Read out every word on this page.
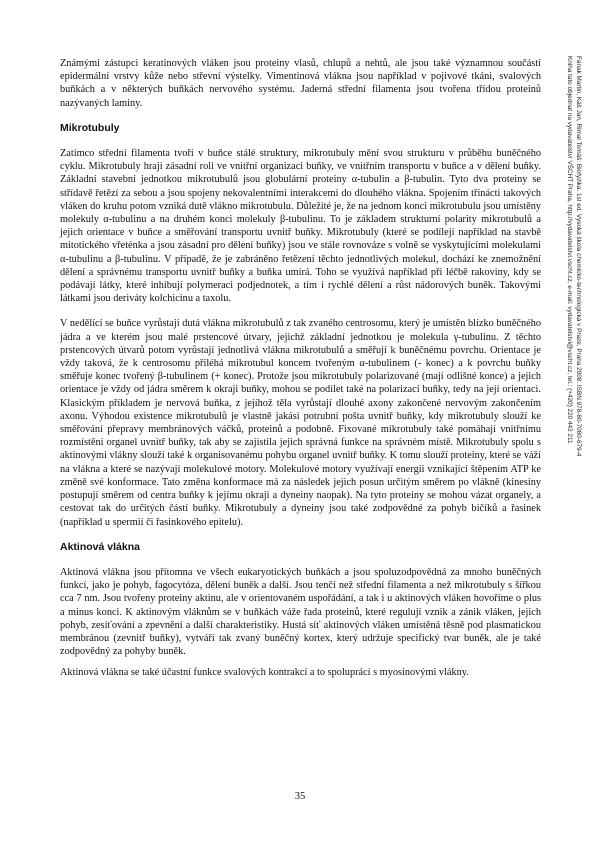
Známými zástupci keratinových vláken jsou proteiny vlasů, chlupů a nehtů, ale jsou také významnou součástí epidermální vrstvy kůže nebo střevní výstelky. Vimentinová vlákna jsou například v pojivové tkáni, svalových buňkách a v některých buňkách nervového systému. Jaderná střední filamenta jsou tvořena třídou proteinů nazývaných laminy.

Mikrotubuly

Zatímco střední filamenta tvoří v buňce stálé struktury, mikrotubuly mění svou strukturu v průběhu buněčného cyklu. Mikrotubuly hrají zásadní roli ve vnitřní organizaci buňky, ve vnitřním transportu v buňce a v dělení buňky. Základní stavební jednotkou mikrotubulů jsou globulární proteiny α-tubulin a β-tubulin. Tyto dva proteiny se střídavě řetězí za sebou a jsou spojeny nekovalentními interakcemi do dlouhého vlákna. Spojením třinácti takových vláken do kruhu potom vzniká dutě vlákno mikrotubulu. Důležité je, že na jednom konci mikrotubulu jsou umístěny molekuly α-tubulinu a na druhém konci molekuly β-tubulinu. To je základem strukturní polarity mikrotubulů a jejich orientace v buňce a směřování transportu uvnitř buňky. Mikrotubuly (které se podílejí například na stavbě mitotického vřeténka a jsou zásadní pro dělení buňky) jsou ve stále rovnováze s volně se vyskytujícími molekulami α-tubulinu a β-tubulinu. V případě, že je zabráněno řetězení těchto jednotlivých molekul, dochází ke znemožnění dělení a správnému transportu uvnitř buňky a buňka umírá. Toho se využívá například při léčbě rakoviny, kdy se podávají látky, které inhibují polymeraci podjednotek, a tím i rychlé dělení a růst nádorových buněk. Takovými látkami jsou deriváty kolchicinu a taxolu.

V nedělící se buňce vyrůstají dutá vlákna mikrotubulů z tak zvaného centrosomu, který je umístěn blízko buněčného jádra a ve kterém jsou malé prstencové útvary, jejichž základní jednotkou je molekula γ-tubulinu. Z těchto prstencových útvarů potom vyrůstají jednotlivá vlákna mikrotubulů a směřují k buněčnému povrchu. Orientace je vždy taková, že k centrosomu přiléhá mikrotubul koncem tvořeným α-tubulinem (- konec) a k povrchu buňky směřuje konec tvořený β-tubulinem (+ konec). Protože jsou mikrotubuly polarizované (mají odlišné konce) a jejich orientace je vždy od jádra směrem k okraji buňky, mohou se podílet také na polarizaci buňky, tedy na její orientaci. Klasickým příkladem je nervová buňka, z jejíhož těla vyrůstají dlouhé axony zakončené nervovým zakončením axonu. Výhodou existence mikrotubulů je vlastně jakási potrubní pošta uvnitř buňky, kdy mikrotubuly slouží ke směřování přepravy membránových váčků, proteinů a podobně. Fixované mikrotubuly také pomáhají vnitřnímu rozmístění organel uvnitř buňky, tak aby se zajistila jejich správná funkce na správném místě. Mikrotubuly spolu s aktinovými vlákny slouží také k organisovanému pohybu organel uvnitř buňky. K tomu slouží proteiny, které se váží na vlákna a které se nazývají molekulové motory. Molekulové motory využívají energii vznikající štěpením ATP ke změně své konformace. Tato změna konformace má za následek jejich posun určitým směrem po vlákně (kinesiny postupují směrem od centra buňky k jejímu okraji a dyneiny naopak). Na tyto proteiny se mohou vázat organely, a cestovat tak do určitých částí buňky. Mikrotubuly a dyneiny jsou také zodpovědné za pohyb bičíků a řasinek (například u spermií či řasinkového epitelu).

Aktinová vlákna

Aktinová vlákna jsou přítomna ve všech eukaryotických buňkách a jsou spoluzodpovědná za mnoho buněčných funkcí, jako je pohyb, fagocytóza, dělení buněk a další. Jsou tenčí než střední filamenta a než mikrotubuly s šířkou cca 7 nm. Jsou tvořeny proteiny aktinu, ale v orientovaném uspořádání, a tak i u aktinových vláken hovoříme o plus a minus konci. K aktinovým vláknům se v buňkách váže řada proteinů, které regulují vznik a zánik vláken, jejich pohyb, zesíťování a zpevnění a další charakteristiky. Hustá síť aktinových vláken umístěná těsně pod plasmatickou membránou (zevnitř buňky), vytváří tak zvaný buněčný kortex, který udržuje specifický tvar buněk, ale je také zodpovědný za pohyby buněk.

Aktinová vlákna se také účastní funkce svalových kontrakcí a to spoluprácí s myosinovými vlákny.

35
Fanak Martin, Káš Jan, Rimal Tomáš: Biofyzika. 1st ed. Vysoká škola chemicko-technologická v Praze, Praha 2008. ISBN 978-80-7080-679-4
Kniha tato objednat na vydavatelství VŠCHT Praha, http://vydavatelstvi.vscht.cz, e-mail: vydavatelstvi@vscht.cz, tel.: (+420) 220 443 211
